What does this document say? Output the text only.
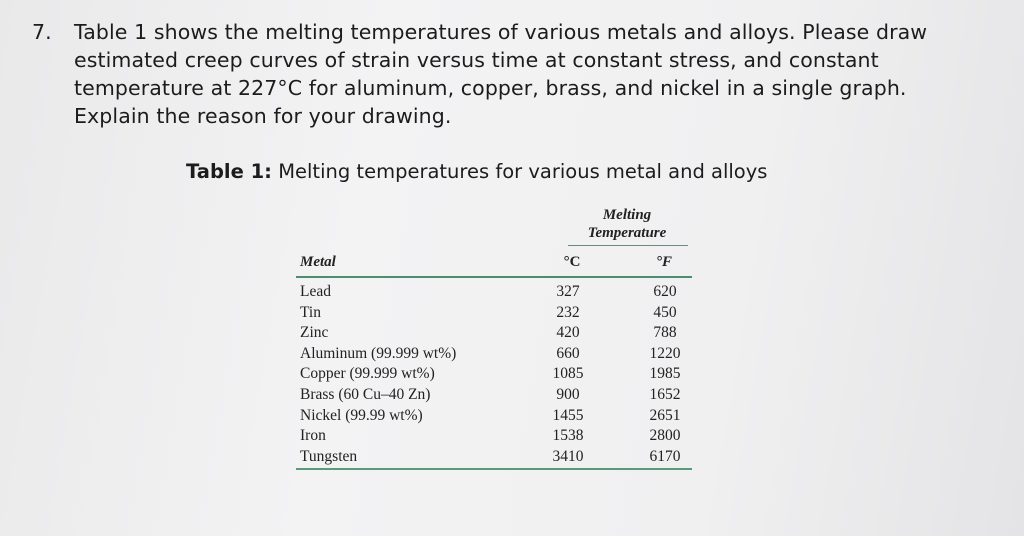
7. Table 1 shows the melting temperatures of various metals and alloys. Please draw
estimated creep curves of strain versus time at constant stress, and constant
temperature at 227°C for aluminum, copper, brass, and nickel in a single graph.
Explain the reason for your drawing.
Table 1: Melting temperatures for various metal and alloys
Melting
Temperature
Metal	°C	°F
Lead	327	620
Tin	232	450
Zinc	420	788
Aluminum (99.999 wt%)	660	1220
Copper (99.999 wt%)	1085	1985
Brass (60 Cu–40 Zn)	900	1652
Nickel (99.99 wt%)	1455	2651
Iron	1538	2800
Tungsten	3410	6170
